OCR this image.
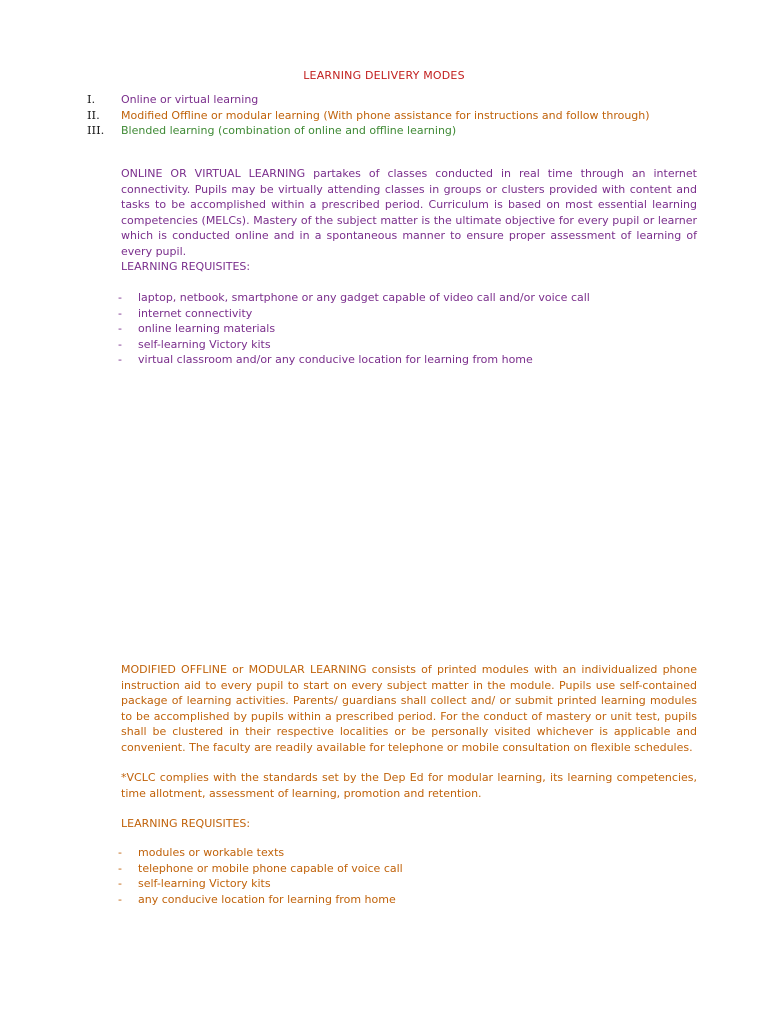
LEARNING DELIVERY MODES
I.	Online or virtual learning
II.	Modified Offline or modular learning (With phone assistance for instructions and follow through)
III.	Blended learning (combination of online and offline learning)

ONLINE OR VIRTUAL LEARNING partakes of classes conducted in real time through an internet connectivity. Pupils may be virtually attending classes in groups or clusters provided with content and tasks to be accomplished within a prescribed period. Curriculum is based on most essential learning competencies (MELCs). Mastery of the subject matter is the ultimate objective for every pupil or learner which is conducted online and in a spontaneous manner to ensure proper assessment of learning of every pupil.

LEARNING REQUISITES:

-	laptop, netbook, smartphone or any gadget capable of video call and/or voice call
-	internet connectivity
-	online learning materials
-	self-learning Victory kits
-	virtual classroom and/or any conducive location for learning from home

MODIFIED OFFLINE or MODULAR LEARNING consists of printed modules with an individualized phone instruction aid to every pupil to start on every subject matter in the module. Pupils use self-contained package of learning activities. Parents/ guardians shall collect and/ or submit printed learning modules to be accomplished by pupils within a prescribed period. For the conduct of mastery or unit test, pupils shall be clustered in their respective localities or be personally visited whichever is applicable and convenient. The faculty are readily available for telephone or mobile consultation on flexible schedules.

*VCLC complies with the standards set by the Dep Ed for modular learning, its learning competencies, time allotment, assessment of learning, promotion and retention.

LEARNING REQUISITES:

-	modules or workable texts
-	telephone or mobile phone capable of voice call
-	self-learning Victory kits
-	any conducive location for learning from home
